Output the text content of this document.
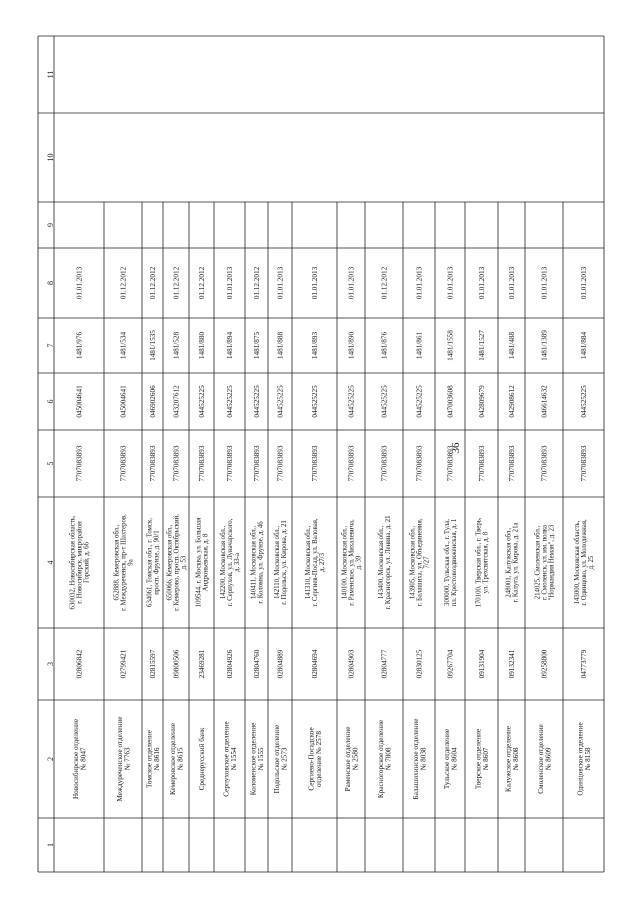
36
1
2
3
4
5
6
7
8
9
10
11
Новосибирское отделение№ 8047
02806842
630032, Новосибирская область,г. Новосибирск, микрорайонГорский, д. 66
7707083893
045004641
1481/976
01.01.2013
Междуреченское отделение№ 7763
02799421
652888, Кемеровская обл.,г. Междуреченск, пр-т Шахтеров,9а
7707083893
045004641
1481/534
01.12.2012
Томское отделение№ 8616
02815597
634061, Томская обл., г. Томск,просп. Фрунзе, д. 90/1
7707083893
046902606
1481/1535
01.12.2012
Кемеровское отделение№ 8615
09800506
650066, Кемеровская обл.,г. Кемерово, просп. Октябрьский,д. 53
7707083893
043207612
1481/528
01.12.2012
Среднерусский банк
23469281
109544, г. Москва, ул. БольшаяАндроньевская, д. 8
7707083893
044525225
1481/880
01.12.2012
Серпуховское отделение№ 1554
02804926
142200, Московская обл.,г. Серпухов, ул. Луначарского,д. 33-а
7707083893
044525225
1481/894
01.01.2013
Коломенское отделение№ 1555
02804760
140411, Московская обл.,г. Коломна, ул. Фрунзе, д. 46
7707083893
044525225
1481/875
01.12.2012
Подольское отделение№ 2573
02804889
142110, Московская обл.,г. Подольск, ул. Кирова, д. 21
7707083893
044525225
1481/888
01.01.2013
Сергиево-Посадскоеотделение № 2578
02804694
141310, Московская обл.,г. Сергиев-Посад, ул. Валовая,д. 27/3
7707083893
044525225
1481/893
01.01.2013
Раменское отделение№ 2580
02804903
140100, Московская обл.,г. Раменское, ул. Михалевича,д. 39
7707083893
044525225
1481/890
01.01.2013
Красногорское отделение№ 7808
02804777
143400, Московская обл.,г. Красногорск, ул. Ленина, д. 21
7707083893
044525225
1481/876
01.12.2012
Балашихинское отделение№ 8038
02830125
143905, Московская обл.,г. Балашиха, ул. Объединения,7/27
7707083893
044525225
1481/861
01.01.2013
Тульское отделение№ 8604
09267704
300000, Тульская обл., г. Тула,пл. Крестовоздвиженская, д. 1
7707083893
047003608
1481/1558
01.01.2013
Тверское отделение№ 8607
09131904
170100, Тверская обл., г. Тверь,ул. Трехсвятская, д. 8
7707083893
042809679
1481/1527
01.01.2013
Калужское отделение№ 8608
09132341
248001, Калужская обл.,г. Калуга, ул. Кирова, д. 21а
7707083893
042908612
1481/488
01.01.2013
Смоленское отделение№ 8609
09258800
214025, Смоленская обл.,г. Смоленск, ул. им. полка"Нормандия Неман", д. 23
7707083893
046614632
1481/1389
01.01.2013
Одинцовское отделение№ 8158
04773779
143000, Московская область,г. Одинцово, ул. Молодежная,д. 25
7707083893
044525225
1481/884
01.01.2013
